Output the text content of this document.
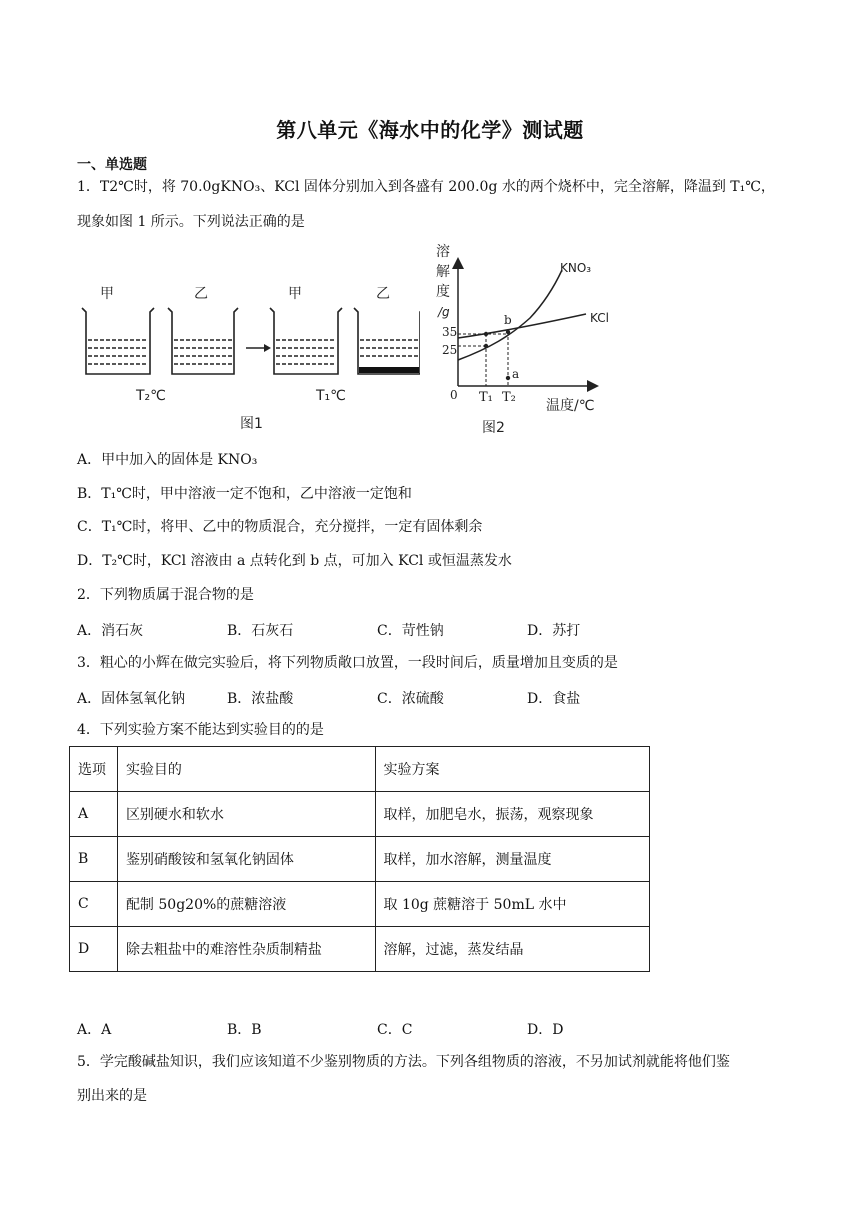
第八单元《海水中的化学》测试题
一、单选题
1．T2℃时，将 70.0gKNO₃、KCl 固体分别加入到各盛有 200.0g 水的两个烧杯中，完全溶解，降温到 T₁℃，
现象如图 1 所示。下列说法正确的是
甲	乙	甲	乙
T₂℃	T₁℃
图1
溶
解
度
/g
35
25
0
KNO₃
KCl
b
a
T₁ T₂
温度/℃
图2
A．甲中加入的固体是 KNO₃
B．T₁℃时，甲中溶液一定不饱和，乙中溶液一定饱和
C．T₁℃时，将甲、乙中的物质混合，充分搅拌，一定有固体剩余
D．T₂℃时，KCl 溶液由 a 点转化到 b 点，可加入 KCl 或恒温蒸发水
2．下列物质属于混合物的是
A．消石灰	B．石灰石	C．苛性钠	D．苏打
3．粗心的小辉在做完实验后，将下列物质敞口放置，一段时间后，质量增加且变质的是
A．固体氢氧化钠	B．浓盐酸	C．浓硫酸	D．食盐
4．下列实验方案不能达到实验目的的是
选项	实验目的	实验方案
A	区别硬水和软水	取样，加肥皂水，振荡，观察现象
B	鉴别硝酸铵和氢氧化钠固体	取样，加水溶解，测量温度
C	配制 50g20%的蔗糖溶液	取 10g 蔗糖溶于 50mL 水中
D	除去粗盐中的难溶性杂质制精盐	溶解，过滤，蒸发结晶
A．A	B．B	C．C	D．D
5．学完酸碱盐知识，我们应该知道不少鉴别物质的方法。下列各组物质的溶液，不另加试剂就能将他们鉴
别出来的是
